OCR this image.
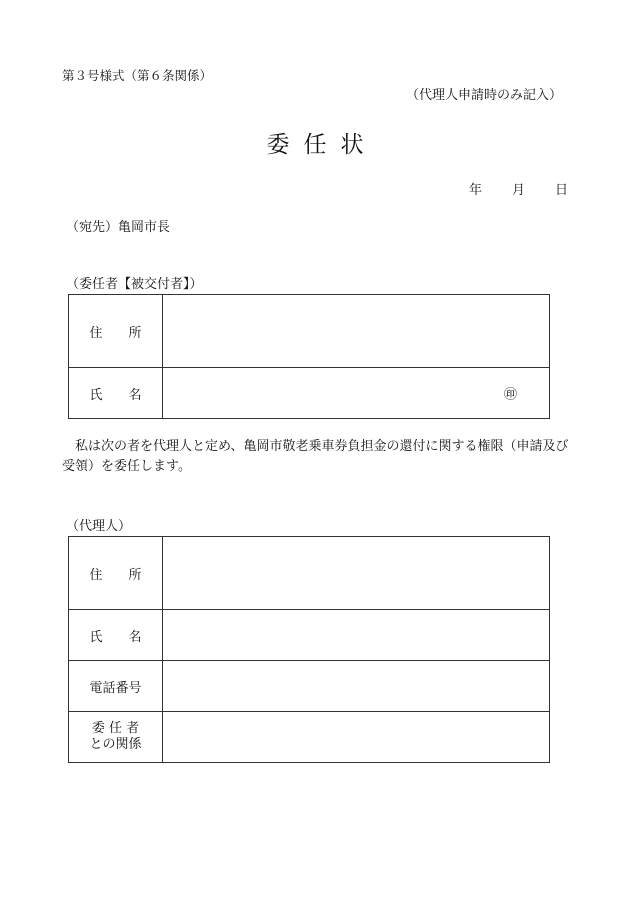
第３号様式（第６条関係）
（代理人申請時のみ記入）
委任状
年 月 日
（宛先）亀岡市長
（委任者【被交付者】）
住 所	

氏 名	㊞
私は次の者を代理人と定め、亀岡市敬老乗車券負担金の還付に関する権限（申請及び受領）を委任します。
（代理人）
住 所	

氏 名	

電話番号	
委 任 者
との関係	
